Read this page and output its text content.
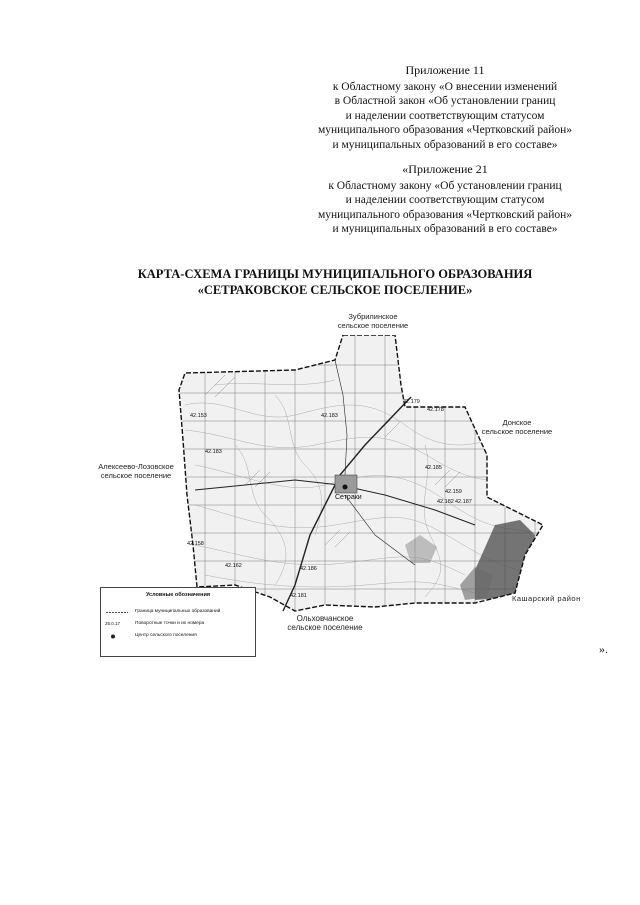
Приложение 11
к Областному закону «О внесении изменений
в Областной закон «Об установлении границ
и наделении соответствующим статусом
муниципального образования «Чертковский район»
и муниципальных образований в его составе»
«Приложение 21
к Областному закону «Об установлении границ
и наделении соответствующим статусом
муниципального образования «Чертковский район»
и муниципальных образований в его составе»
КАРТА-СХЕМА ГРАНИЦЫ МУНИЦИПАЛЬНОГО ОБРАЗОВАНИЯ
«СЕТРАКОВСКОЕ СЕЛЬСКОЕ ПОСЕЛЕНИЕ»
Сетраки
42.153
42.179
42.178
42.183
42.185
42.158
42.159
42.182 42.187
42.186
42.181
42.162
42.183
Зубрилинское
сельское поселение
Донское
сельское поселение
Алексеево-Лозовское
сельское поселение
Ольховчанское
сельское поселение
Кашарский район
Условные обозначения
Граница муниципальных образований
25.0.17	Поворотные точки и их номера
Центр сельского поселения
».
